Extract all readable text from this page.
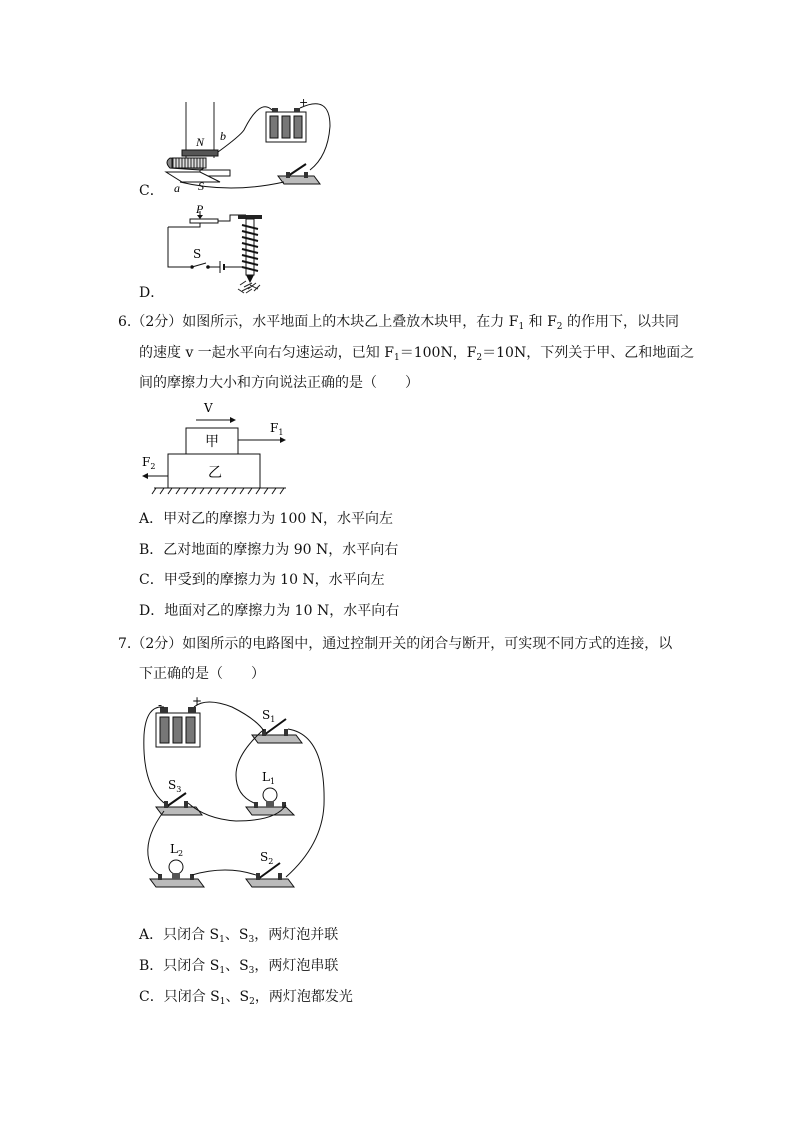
C．
N
S
a
b
+
D．
P
S
6.（2分）如图所示，水平地面上的木块乙上叠放木块甲，在力 $F_1$ 和 $F_2$ 的作用下，以共同
的速度 v 一起水平向右匀速运动，已知 $F_1=100N$，$F_2=10N$，下列关于甲、乙和地面之
间的摩擦力大小和方向说法正确的是（　　）
乙
甲
V
$F_1$
$F_2$
A．甲对乙的摩擦力为 100 N，水平向左
B．乙对地面的摩擦力为 90 N，水平向右
C．甲受到的摩擦力为 10 N，水平向左
D．地面对乙的摩擦力为 10 N，水平向右
7.（2分）如图所示的电路图中，通过控制开关的闭合与断开，可实现不同方式的连接，以
下正确的是（　　）
- +
$S_1$
$S_3$
$L_1$
$L_2$	$S_2$
A．只闭合 $S_1$、$S_3$，两灯泡并联
B．只闭合 $S_1$、$S_3$，两灯泡串联
C．只闭合 $S_1$、$S_2$，两灯泡都发光
